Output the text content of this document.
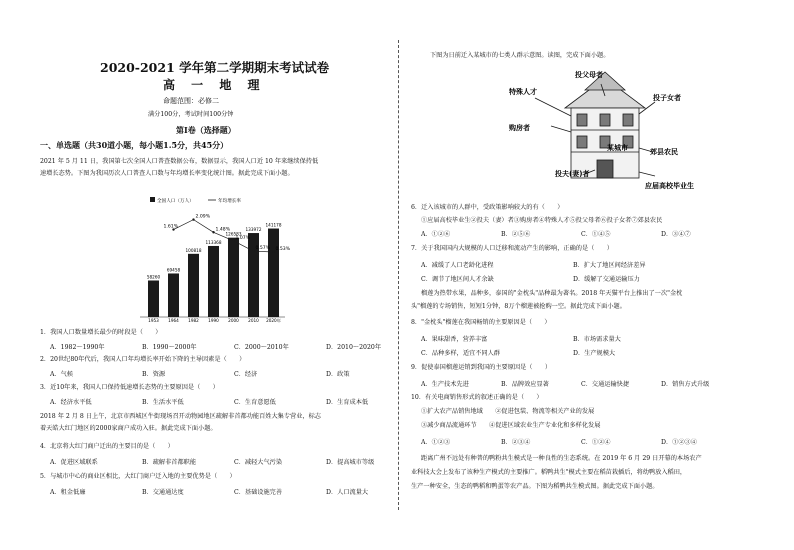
2020-2021 学年第二学期期末考试试卷
高 一 地 理
命题范围：必修二
满分100分，考试时间100分钟
第Ⅰ卷（选择题）
一、单选题（共30道小题，每小题1.5分，共45分）
2021 年 5 月 11 日，我国第七次全国人口普查数据公布，数据显示，我国人口近 10 年来继续保持低
速增长态势。下图为我国历次人口普查人口数与年均增长率变化统计图。据此完成下面小题。
全国人口（万人）	年均增长率
58260
1953
69458
1964
100818
1982
113368
1990
126583
2000
133972
2010
141178
2020年
1.61%
2.09%
1.48%
1.07%
0.57% 0.53%
1．我国人口数量增长最少的时段是（　　）
A．1982～1990年	B．1990～2000年	C．2000～2010年	D．2010～2020年
2．20世纪80年代后，我国人口年均增长率开始下降的主导因素是（　　）
A．气候	B．资源	C．经济	D．政策
3．近10年来，我国人口保持低速增长态势的主要原因是（　　）
A．经济水平低	B．生活水平低	C．生育意愿低	D．生育成本低
2018 年 2 月 8 日上午，北京市西城区牛街现场召开动物园地区疏解非首都功能百姓大集专营业，标志
着天皓大红门地区的2000家商户成功入驻。据此完成下面小题。
4．北京将大红门商户迁出的主要目的是（　　）
A．促进区域联系	B．疏解非首都职能	C．减轻大气污染	D．提高城市等级
5．与城市中心的商业区相比，大红门商户迁入地的主要优势是（　　）
A．租金低廉	B．交通通达度	C．基础设施完善	D．人口流量大
下图为日前迁入某城市的七类人群示意图。读图，完成下面小题。
投父母者
特殊人才
投子女者
购房者
某城市	郊县农民
投夫(妻)者
应届高校毕业生
6．迁入该城市的人群中，受政策影响较大的有（　　）
①应届高校毕业生②投夫（妻）者③购房者④特殊人才⑤投父母者⑥投子女者⑦郊县农民
A．①②⑥	B．②⑤⑥	C．①④⑤	D．③④⑦
7．关于我国国内大规模的人口迁移和流动产生的影响，正确的是（　　）
A．减缓了人口老龄化进程	B．扩大了地区间经济差异
C．调节了地区间人才余缺	D．缓解了交通运输压力
榴莲为热带水果，品种多，泰国的"金枕头"品种最为著名。2018 年天猫平台上推出了一次"金枕
头"榴莲的专场销售，短短1分钟，8万个榴莲被抢购一空。据此完成下面小题。
8．"金枕头"榴莲在我国畅销的主要原因是（　　）
A．果味甜香，营养丰富	B．市场需求量大
C．品种多样，适宜不同人群	D．生产规模大
9．促使泰国榴莲运销到我国的主要原因是（　　）
A．生产技术先进	B．品牌效应显著	C．交通运输快捷	D．销售方式升级
10．有关电商销售形式的叙述正确的是（　　）
①扩大农产品销售地域　　②促进包装、物流等相关产业的发展
③减少商品流通环节　　④促进区域农业生产专业化和多样化发展
A．①②③	B．②③④	C．①②④	D．①②③④
距离广州不远处有种普的鸭粉共生模式是一种良性的生态系统。在 2019 年 6 月 29 日开幕的本场农产
业科技大会上发布了该种生产模式的主要推广。稻鸭共生"模式主要在稻苗栽插后，将幼鸭放入稻田，
生产一种安全，生态的鸭稻和鸭蛋等农产品。下图为稻鸭共生模式图。据此完成下面小题。
